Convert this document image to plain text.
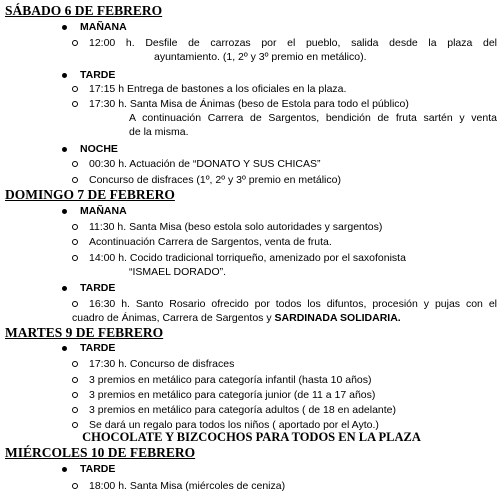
SÁBADO 6 DE FEBRERO
MAÑANA
12:00 h. Desfile de carrozas por el pueblo, salida desde la plaza del
ayuntamiento. (1, 2º y 3º premio en metálico).
TARDE
17:15 h Entrega de bastones a los oficiales en la plaza.
17:30 h. Santa Misa de Ánimas (beso de Estola para todo el público)
A continuación Carrera de Sargentos, bendición de fruta sartén y venta
de la misma.
NOCHE
00:30 h. Actuación de “DONATO Y SUS CHICAS”
Concurso de disfraces (1º, 2º y 3º premio en metálico)
DOMINGO 7 DE FEBRERO
MAÑANA
11:30 h. Santa Misa (beso estola solo autoridades y sargentos)
Acontinuación Carrera de Sargentos, venta de fruta.
14:00 h. Cocido tradicional torriqueño, amenizado por el saxofonista
“ISMAEL DORADO”.
TARDE
16:30 h. Santo Rosario ofrecido por todos los difuntos, procesión y pujas con el
cuadro de Ánimas, Carrera de Sargentos y SARDINADA SOLIDARIA.
MARTES 9 DE FEBRERO
TARDE
17:30 h. Concurso de disfraces
3 premios en metálico para categoría infantil (hasta 10 años)
3 premios en metálico para categoría junior (de 11 a 17 años)
3 premios en metálico para categoría adultos ( de 18 en adelante)
Se dará un regalo para todos los niños ( aportado por el Ayto.)
CHOCOLATE Y BIZCOCHOS PARA TODOS EN LA PLAZA
MIÉRCOLES 10 DE FEBRERO
TARDE
18:00 h. Santa Misa (miércoles de ceniza)
